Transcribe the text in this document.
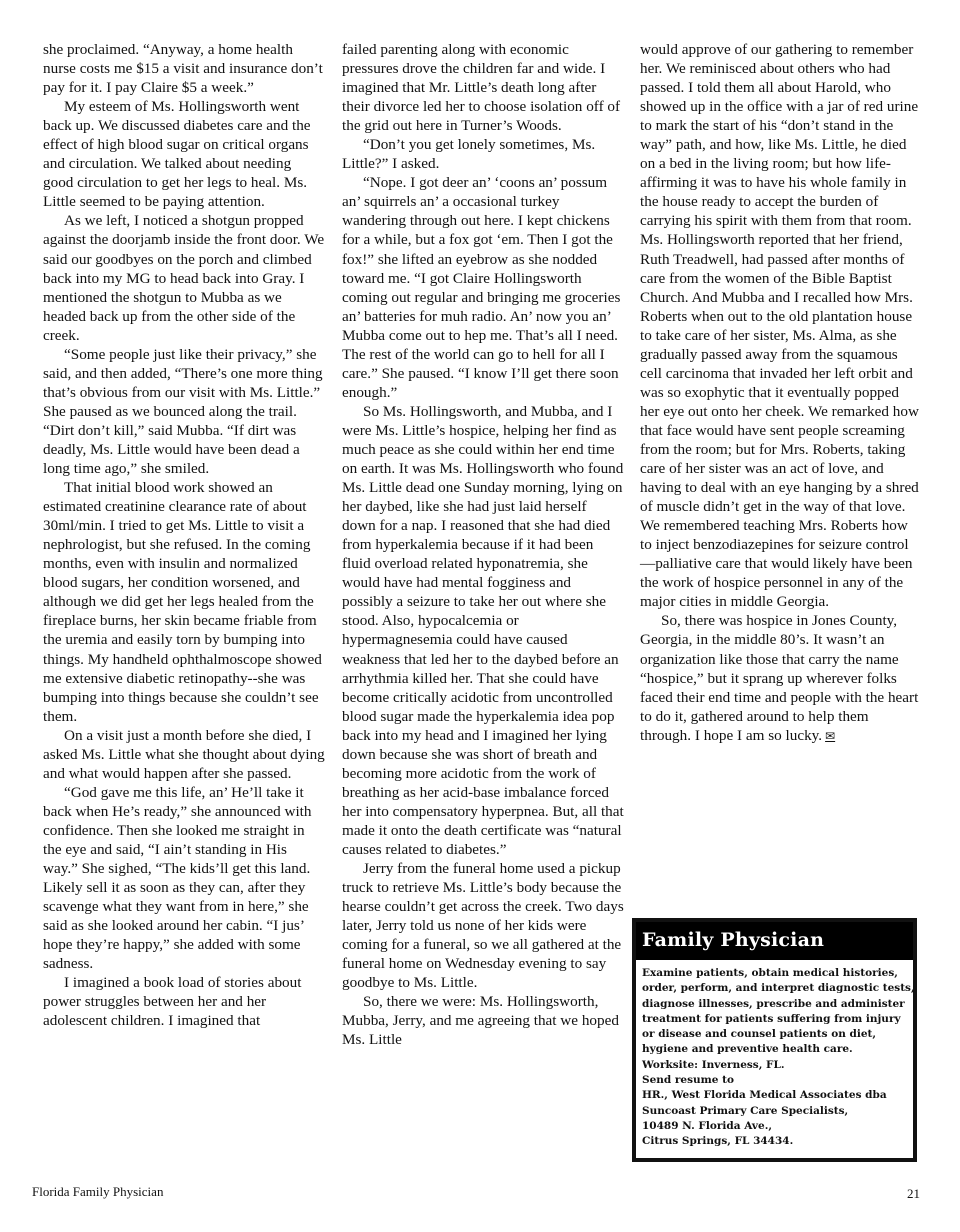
she proclaimed. “Anyway, a home health nurse costs me $15 a visit and insurance don’t pay for it. I pay Claire $5 a week.”

My esteem of Ms. Hollingsworth went back up. We discussed diabetes care and the effect of high blood sugar on critical organs and circulation. We talked about needing good circulation to get her legs to heal. Ms. Little seemed to be paying attention.

As we left, I noticed a shotgun propped against the doorjamb inside the front door. We said our goodbyes on the porch and climbed back into my MG to head back into Gray. I mentioned the shotgun to Mubba as we headed back up from the other side of the creek.

“Some people just like their privacy,” she said, and then added, “There’s one more thing that’s obvious from our visit with Ms. Little.” She paused as we bounced along the trail. “Dirt don’t kill,” said Mubba. “If dirt was deadly, Ms. Little would have been dead a long time ago,” she smiled.

That initial blood work showed an estimated creatinine clearance rate of about 30ml/min. I tried to get Ms. Little to visit a nephrologist, but she refused. In the coming months, even with insulin and normalized blood sugars, her condition worsened, and although we did get her legs healed from the fireplace burns, her skin became friable from the uremia and easily torn by bumping into things. My handheld ophthalmoscope showed me extensive diabetic retinopathy--she was bumping into things because she couldn’t see them.

On a visit just a month before she died, I asked Ms. Little what she thought about dying and what would happen after she passed.

“God gave me this life, an’ He’ll take it back when He’s ready,” she announced with confidence. Then she looked me straight in the eye and said, “I ain’t standing in His way.” She sighed, “The kids’ll get this land. Likely sell it as soon as they can, after they scavenge what they want from in here,” she said as she looked around her cabin. “I jus’ hope they’re happy,” she added with some sadness.

I imagined a book load of stories about power struggles between her and her adolescent children. I imagined that

failed parenting along with economic pressures drove the children far and wide. I imagined that Mr. Little’s death long after their divorce led her to choose isolation off of the grid out here in Turner’s Woods.

“Don’t you get lonely sometimes, Ms. Little?” I asked.

“Nope. I got deer an’ ‘coons an’ possum an’ squirrels an’ a occasional turkey wandering through out here. I kept chickens for a while, but a fox got ‘em. Then I got the fox!” she lifted an eyebrow as she nodded toward me. “I got Claire Hollingsworth coming out regular and bringing me groceries an’ batteries for muh radio. An’ now you an’ Mubba come out to hep me. That’s all I need. The rest of the world can go to hell for all I care.” She paused. “I know I’ll get there soon enough.”

So Ms. Hollingsworth, and Mubba, and I were Ms. Little’s hospice, helping her find as much peace as she could within her end time on earth. It was Ms. Hollingsworth who found Ms. Little dead one Sunday morning, lying on her daybed, like she had just laid herself down for a nap. I reasoned that she had died from hyperkalemia because if it had been fluid overload related hyponatremia, she would have had mental fogginess and possibly a seizure to take her out where she stood. Also, hypocalcemia or hypermagnesemia could have caused weakness that led her to the daybed before an arrhythmia killed her. That she could have become critically acidotic from uncontrolled blood sugar made the hyperkalemia idea pop back into my head and I imagined her lying down because she was short of breath and becoming more acidotic from the work of breathing as her acid-base imbalance forced her into compensatory hyperpnea. But, all that made it onto the death certificate was “natural causes related to diabetes.”

Jerry from the funeral home used a pickup truck to retrieve Ms. Little’s body because the hearse couldn’t get across the creek. Two days later, Jerry told us none of her kids were coming for a funeral, so we all gathered at the funeral home on Wednesday evening to say goodbye to Ms. Little.

So, there we were: Ms. Hollingsworth, Mubba, Jerry, and me agreeing that we hoped Ms. Little

would approve of our gathering to remember her. We reminisced about others who had passed. I told them all about Harold, who showed up in the office with a jar of red urine to mark the start of his “don’t stand in the way” path, and how, like Ms. Little, he died on a bed in the living room; but how life-affirming it was to have his whole family in the house ready to accept the burden of carrying his spirit with them from that room. Ms. Hollingsworth reported that her friend, Ruth Treadwell, had passed after months of care from the women of the Bible Baptist Church. And Mubba and I recalled how Mrs. Roberts when out to the old plantation house to take care of her sister, Ms. Alma, as she gradually passed away from the squamous cell carcinoma that invaded her left orbit and was so exophytic that it eventually popped her eye out onto her cheek. We remarked how that face would have sent people screaming from the room; but for Mrs. Roberts, taking care of her sister was an act of love, and having to deal with an eye hanging by a shred of muscle didn’t get in the way of that love. We remembered teaching Mrs. Roberts how to inject benzodiazepines for seizure control—palliative care that would likely have been the work of hospice personnel in any of the major cities in middle Georgia.

So, there was hospice in Jones County, Georgia, in the middle 80’s. It wasn’t an organization like those that carry the name “hospice,” but it sprang up wherever folks faced their end time and people with the heart to do it, gathered around to help them through. I hope I am so lucky. ✉

Family Physician
Examine patients, obtain medical histories,
order, perform, and interpret diagnostic tests,
diagnose illnesses, prescribe and administer
treatment for patients suffering from injury
or disease and counsel patients on diet,
hygiene and preventive health care.
Worksite: Inverness, FL.
Send resume to
HR., West Florida Medical Associates dba
Suncoast Primary Care Specialists,
10489 N. Florida Ave.,
Citrus Springs, FL 34434.
Florida Family Physician	21
